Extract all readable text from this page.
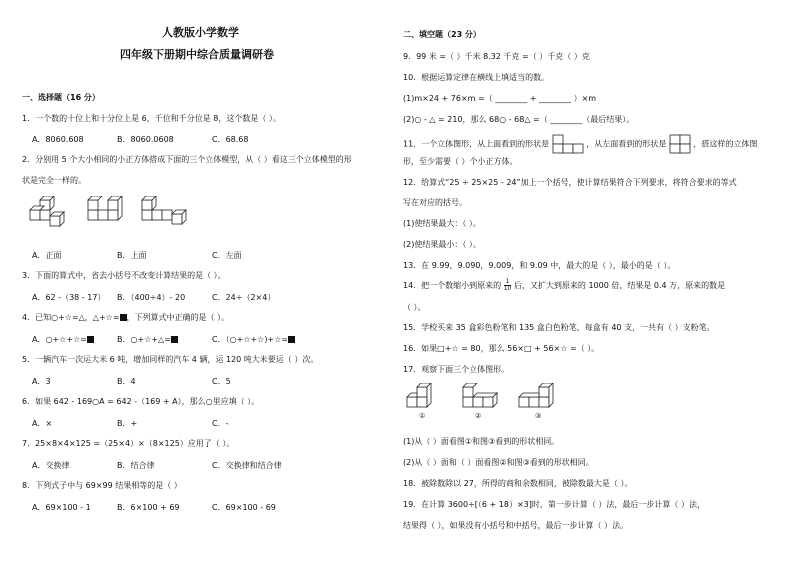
人教版小学数学
四年级下册期中综合质量调研卷
一、选择题（16 分）
1．一个数的十位上和十分位上是 6，千位和千分位是 8，这个数是（ ）。
A．8060.608	B．8060.0608	C．68.68
2．分别用 5 个大小相同的小正方体搭成下面的三个立体模型，从（ ）看这三个立体模型的形
状是完全一样的。
A．正面	B．上面	C．左面
3．下面的算式中，省去小括号不改变计算结果的是（ ）。
A．62 -（38 - 17） B．（400÷4）- 20	C．24÷（2×4）
4．已知○+☆=△，△+☆= ，下列算式中正确的是（ ）。
A．○+☆+☆=	B．○+☆+△=	C．（○+☆+☆)+☆=
5．一辆汽车一次运大米 6 吨，增加同样的汽车 4 辆，运 120 吨大米要运（ ）次。
A．3	B．4	C．5
6．如果 642 - 169○A = 642 -（169 + A），那么○里应填（ ）。
A．×	B．+	C．-
7．25×8×4×125 =（25×4）×（8×125）应用了（ ）。
A．交换律	B．结合律	C．交换律和结合律
8．下列式子中与 69×99 结果相等的是（ ）
A．69×100 - 1	B．6×100 + 69	C．69×100 - 69
二、填空题（23 分）
9．99 米 =（ ）千米 8.32 千克 =（ ）千克（ ）克
10．根据运算定律在横线上填适当的数。
(1)m×24 + 76×m =（ ________ + ________ ）×m
(2)○ - △ = 210，那么 68○ - 68△ =（ ________（最后结果）。
11．一个立体图形，从上面看到的形状是	，从左面看到的形状是	，搭这样的立体图
形，至少需要（ ）个小正方体。
12．给算式“25 ÷ 25×25 - 24”加上一个括号，使计算结果符合下列要求，将符合要求的等式
写在对应的括号。
(1)使结果最大：（ ）。
(2)使结果最小：（ ）。
13．在 9.99，9.090，9.009，和 9.09 中，最大的是（ ），最小的是（ ）。
14．把一个数缩小到原来的 $\frac{1}{10}$ 后，又扩大到原来的 1000 倍，结果是 0.4 万，原来的数是
（ ）。
15．学校买来 35 盒彩色粉笔和 135 盒白色粉笔，每盒有 40 支，一共有（ ）支粉笔。
16．如果□+☆ = 80，那么 56×□ + 56×☆ =（ ）。
17．观察下面三个立体图形。
①	②	③
(1)从（ ）面看图①和图③看到的形状相同。
(2)从（ ）面和（ ）面看图②和图③看到的形状相同。
18．被除数除以 27，所得的商和余数相同，被除数最大是（ ）。
19．在计算 3600÷[（6 + 18）×3]时，第一步计算（ ）法，最后一步计算（ ）法，
结果得（ ），如果没有小括号和中括号，最后一步计算（ ）法。
